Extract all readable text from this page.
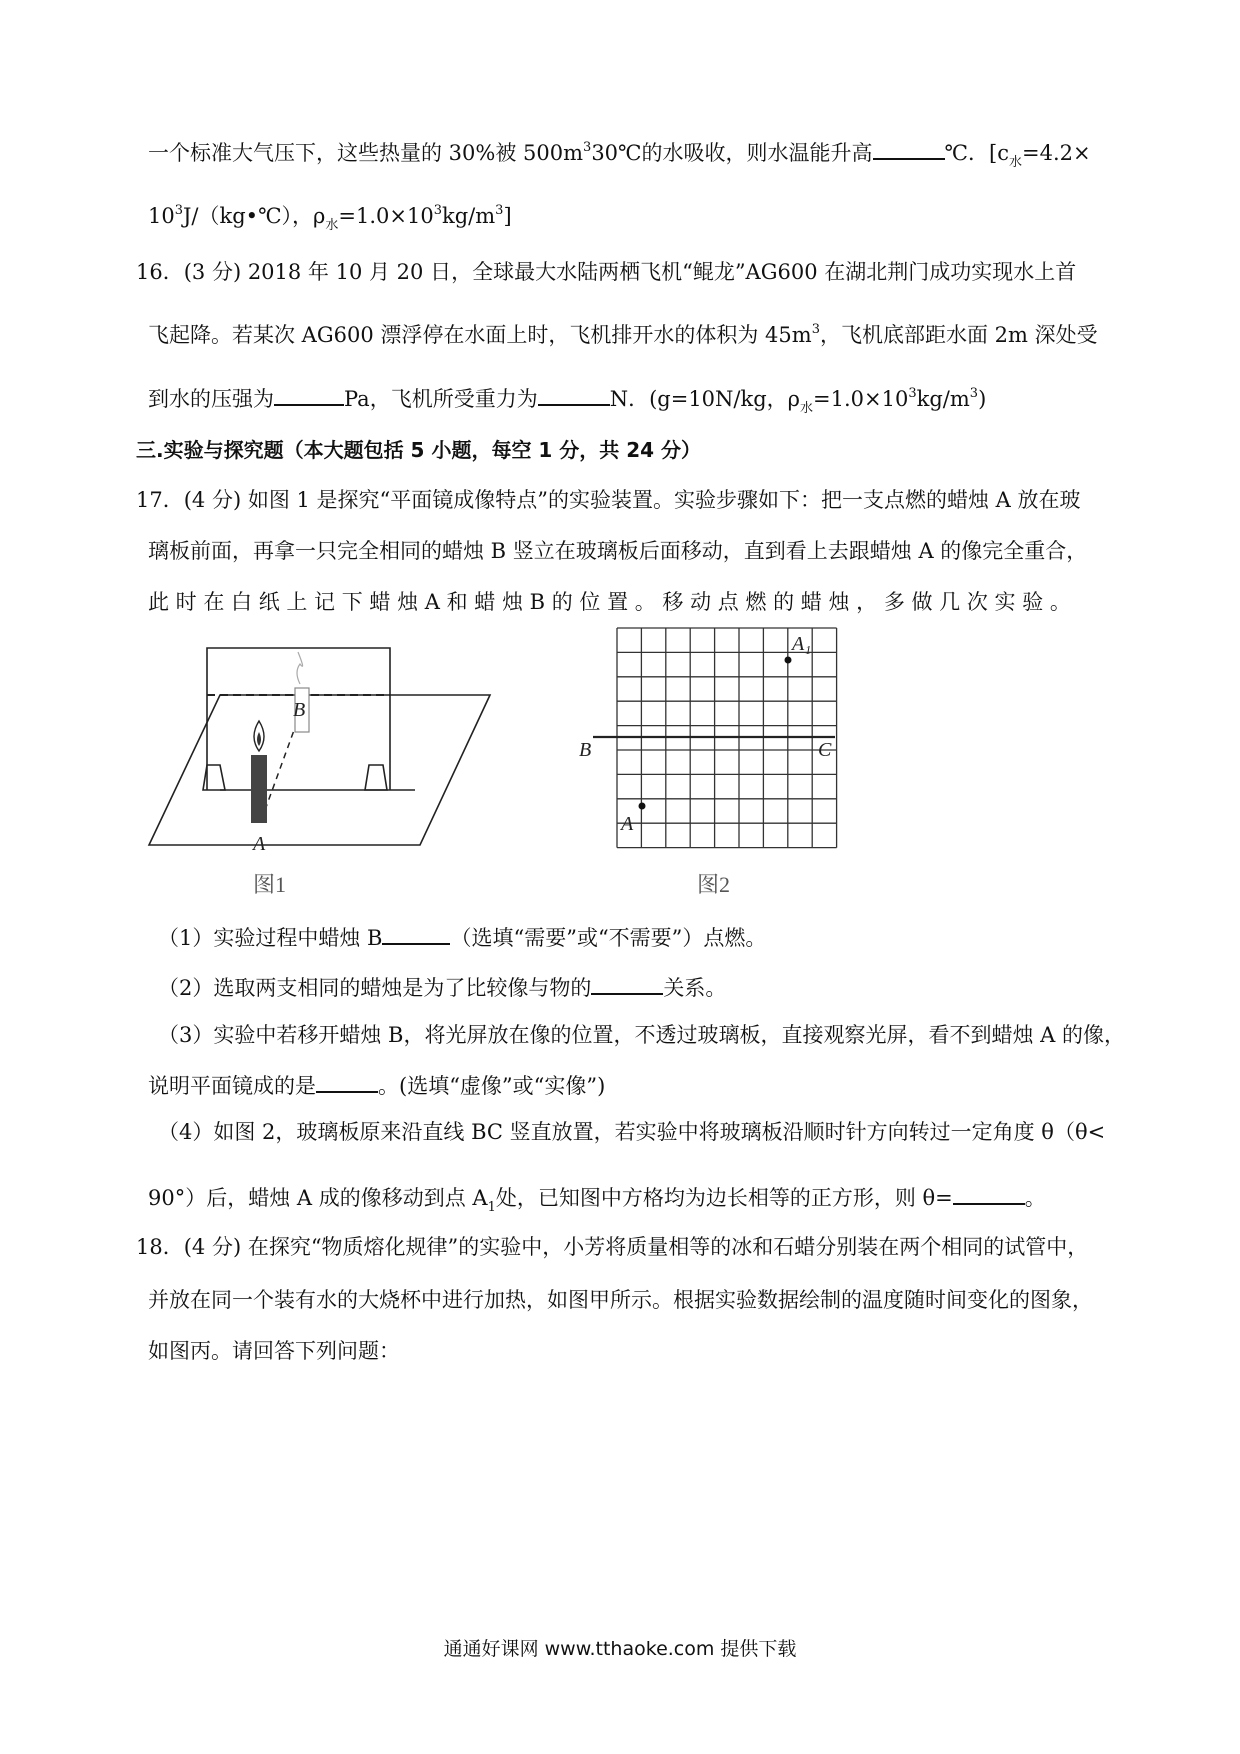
一个标准大气压下，这些热量的 30%被 $500m^330℃$的水吸收，则水温能升高	℃．[$c_水=4.2\times$
$10^3J/(kg•℃)$，$\rho_水=1.0\times 10^3kg/m^3$]
16．(3 分) 2018 年 10 月 20 日，全球最大水陆两栖飞机“鲲龙”AG600 在湖北荆门成功实现水上首
飞起降。若某次 AG600 漂浮停在水面上时，飞机排开水的体积为 $45m^3$，飞机底部距水面 2m 深处受
到水的压强为	Pa，飞机所受重力为	N．(g=10N/kg，$\rho_水=1.0\times 10^3kg/m^3$)
三.实验与探究题（本大题包括 5 小题，每空 1 分，共 24 分）
17．(4 分) 如图 1 是探究“平面镜成像特点”的实验装置。实验步骤如下：把一支点燃的蜡烛 A 放在玻
璃板前面，再拿一只完全相同的蜡烛 B 竖立在玻璃板后面移动，直到看上去跟蜡烛 A 的像完全重合，
此 时 在 白 纸 上 记 下 蜡 烛 A 和 蜡 烛 B 的 位 置 。 移 动 点 燃 的 蜡 烛 ， 多 做 几 次 实 验 。
B
A
图1
A₁
B	C
A
图2
（1）实验过程中蜡烛 B	（选填“需要”或“不需要”）点燃。
（2）选取两支相同的蜡烛是为了比较像与物的	关系。
（3）实验中若移开蜡烛 B，将光屏放在像的位置，不透过玻璃板，直接观察光屏，看不到蜡烛 A 的像，
说明平面镜成的是	。(选填“虚像”或“实像”)
（4）如图 2，玻璃板原来沿直线 BC 竖直放置，若实验中将玻璃板沿顺时针方向转过一定角度 θ（θ<
90°）后，蜡烛 A 成的像移动到点 $A_1$处，已知图中方格均为边长相等的正方形，则 θ=	。
18．(4 分) 在探究“物质熔化规律”的实验中，小芳将质量相等的冰和石蜡分别装在两个相同的试管中，
并放在同一个装有水的大烧杯中进行加热，如图甲所示。根据实验数据绘制的温度随时间变化的图象，
如图丙。请回答下列问题：
通通好课网 www.tthaoke.com 提供下载
